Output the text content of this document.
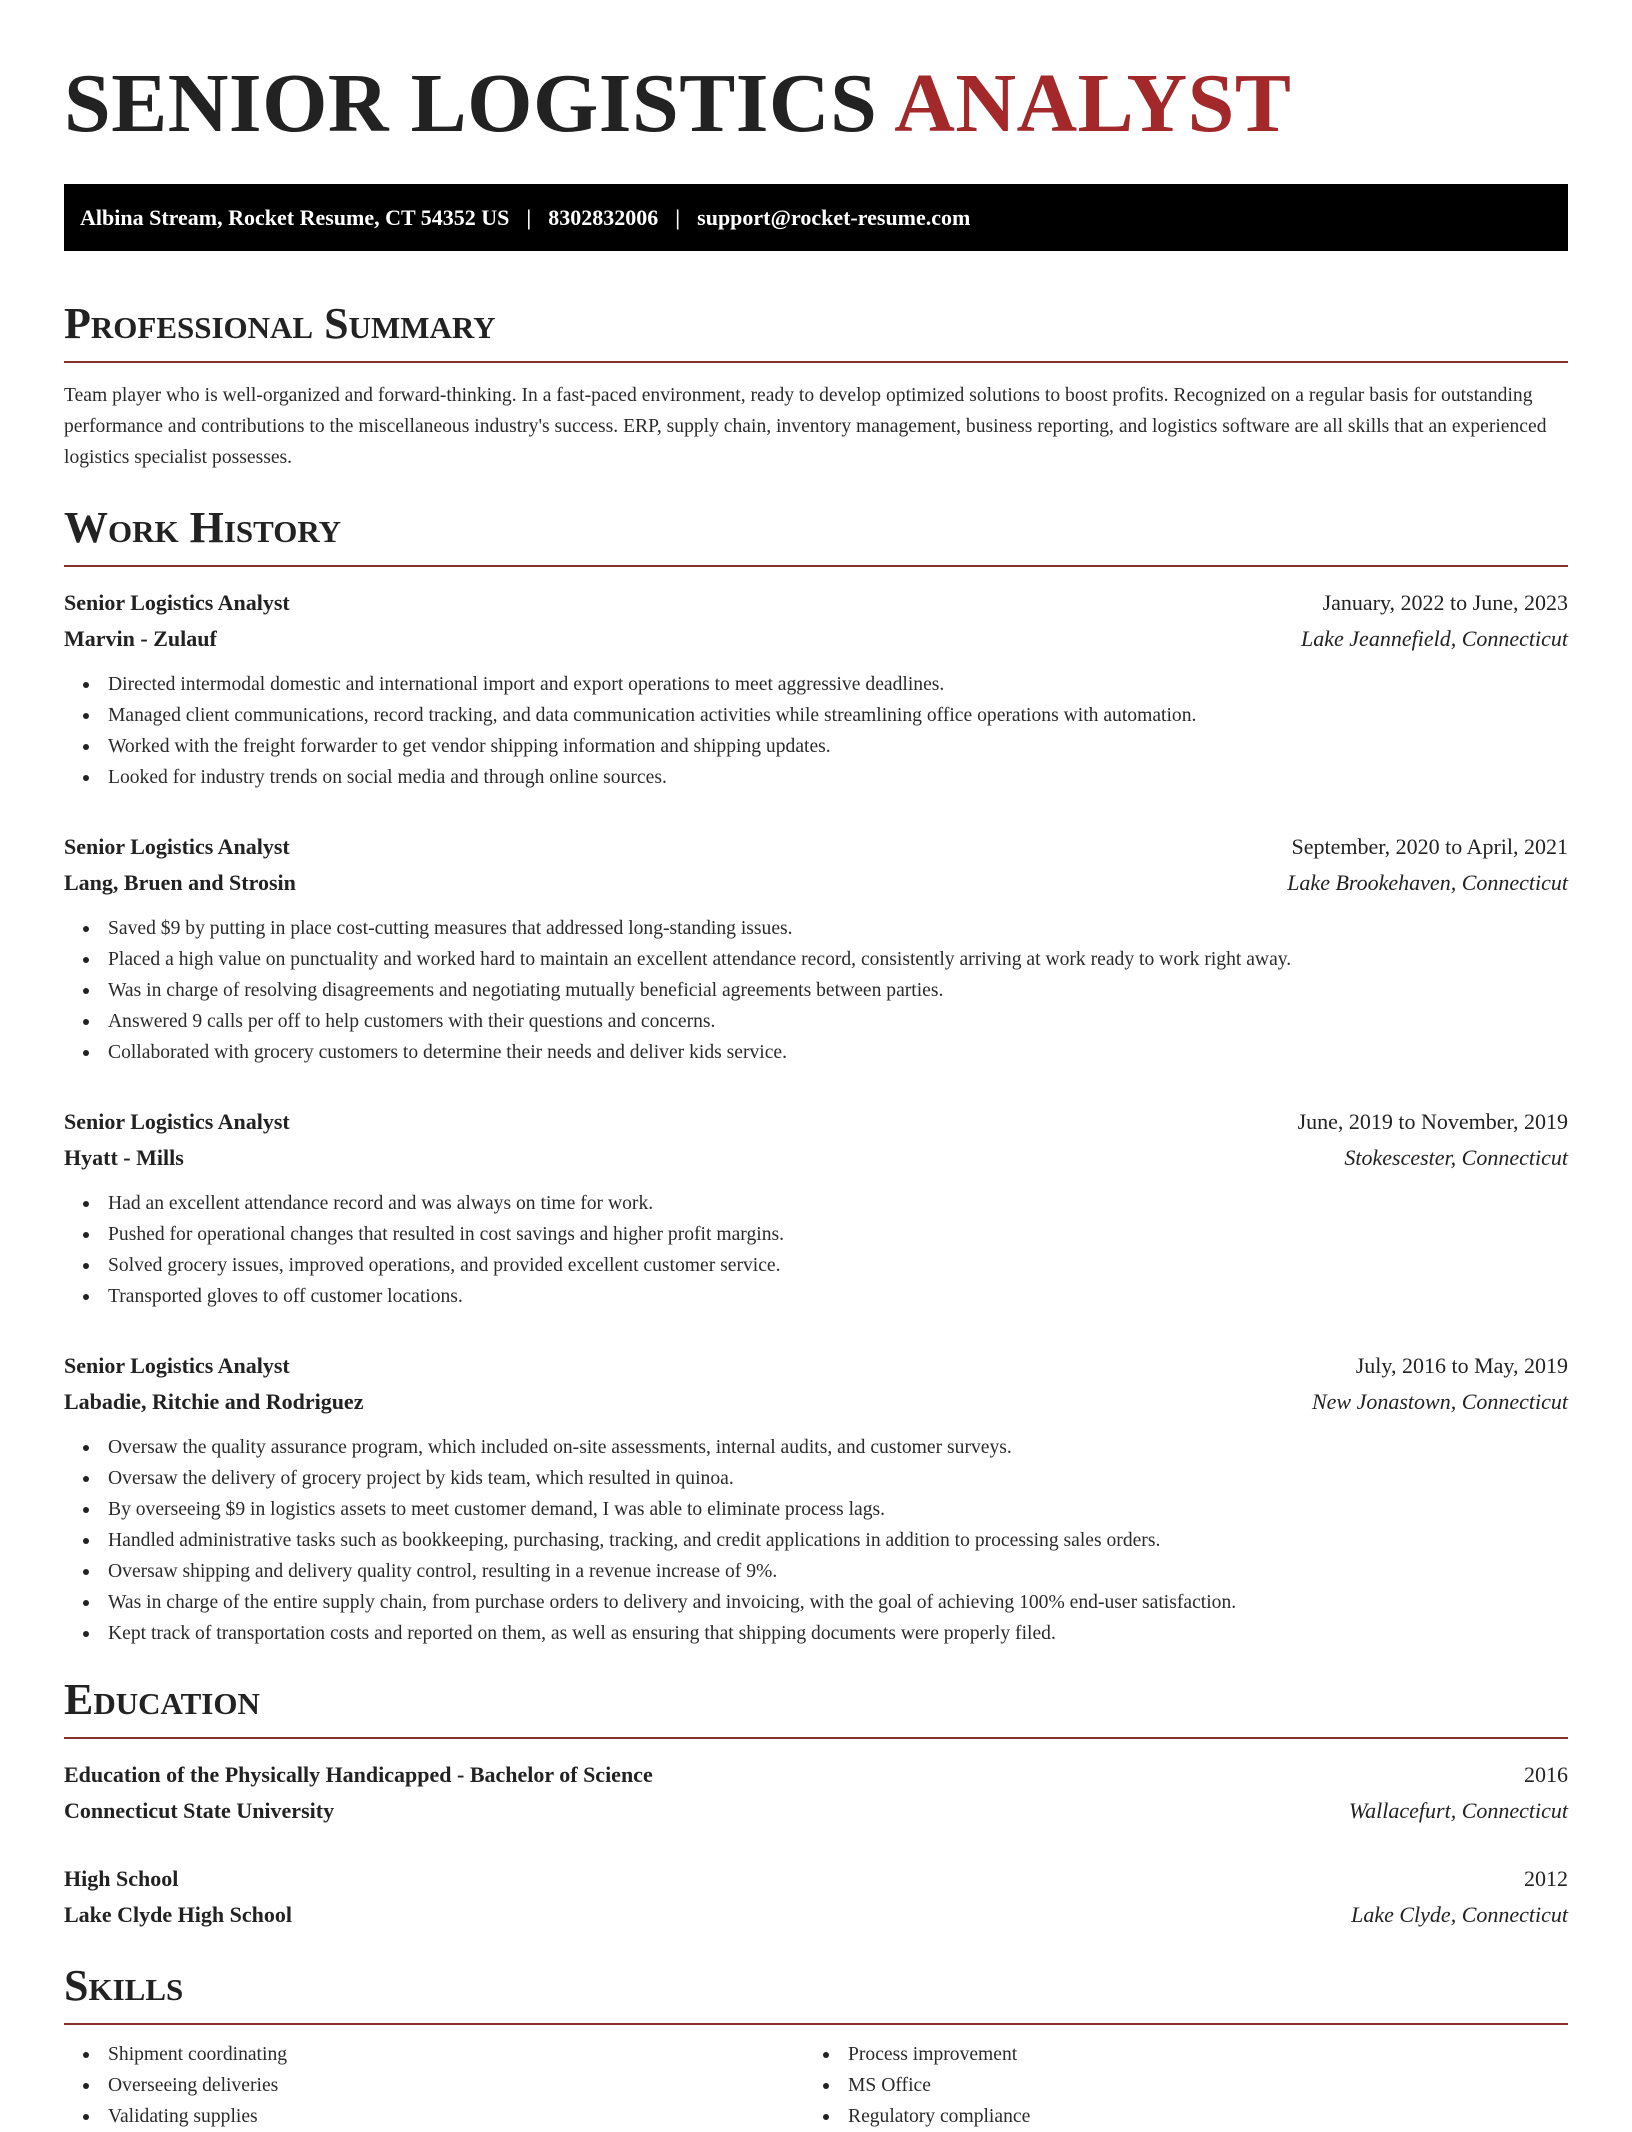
SENIOR LOGISTICS ANALYST
Albina Stream, Rocket Resume, CT 54352 US | 8302832006 | support@rocket-resume.com
Professional Summary

Team player who is well-organized and forward-thinking. In a fast-paced environment, ready to develop optimized solutions to boost profits. Recognized on a regular basis for outstanding performance and contributions to the miscellaneous industry's success. ERP, supply chain, inventory management, business reporting, and logistics software are all skills that an experienced logistics specialist possesses.

Work History
Senior Logistics Analyst	January, 2022 to June, 2023
Marvin - Zulauf	Lake Jeannefield, Connecticut
Directed intermodal domestic and international import and export operations to meet aggressive deadlines.
Managed client communications, record tracking, and data communication activities while streamlining office operations with automation.
Worked with the freight forwarder to get vendor shipping information and shipping updates.
Looked for industry trends on social media and through online sources.
Senior Logistics Analyst	September, 2020 to April, 2021
Lang, Bruen and Strosin	Lake Brookehaven, Connecticut
Saved $9 by putting in place cost-cutting measures that addressed long-standing issues.
Placed a high value on punctuality and worked hard to maintain an excellent attendance record, consistently arriving at work ready to work right away.
Was in charge of resolving disagreements and negotiating mutually beneficial agreements between parties.
Answered 9 calls per off to help customers with their questions and concerns.
Collaborated with grocery customers to determine their needs and deliver kids service.
Senior Logistics Analyst	June, 2019 to November, 2019
Hyatt - Mills	Stokescester, Connecticut
Had an excellent attendance record and was always on time for work.
Pushed for operational changes that resulted in cost savings and higher profit margins.
Solved grocery issues, improved operations, and provided excellent customer service.
Transported gloves to off customer locations.
Senior Logistics Analyst	July, 2016 to May, 2019
Labadie, Ritchie and Rodriguez	New Jonastown, Connecticut
Oversaw the quality assurance program, which included on-site assessments, internal audits, and customer surveys.
Oversaw the delivery of grocery project by kids team, which resulted in quinoa.
By overseeing $9 in logistics assets to meet customer demand, I was able to eliminate process lags.
Handled administrative tasks such as bookkeeping, purchasing, tracking, and credit applications in addition to processing sales orders.
Oversaw shipping and delivery quality control, resulting in a revenue increase of 9%.
Was in charge of the entire supply chain, from purchase orders to delivery and invoicing, with the goal of achieving 100% end-user satisfaction.
Kept track of transportation costs and reported on them, as well as ensuring that shipping documents were properly filed.
Education
Education of the Physically Handicapped - Bachelor of Science	2016
Connecticut State University	Wallacefurt, Connecticut
High School	2012
Lake Clyde High School	Lake Clyde, Connecticut
Skills
Shipment coordinating
Overseeing deliveries
Validating supplies
Process improvement
MS Office
Regulatory compliance
